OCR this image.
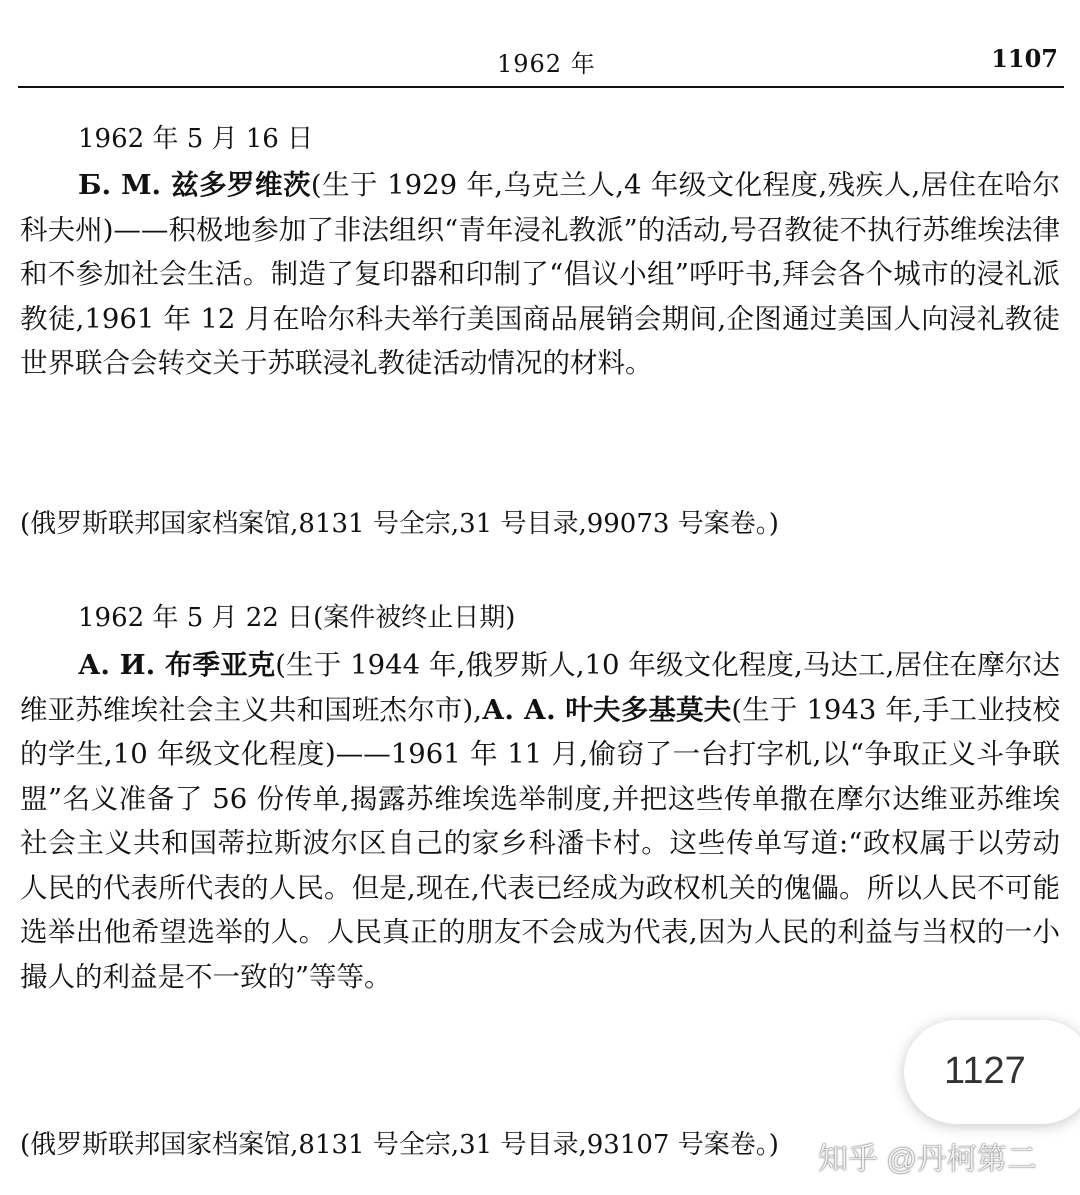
1962 年	1107
1962 年 5 月 16 日
Б. М. 兹多罗维茨(生于 1929 年,乌克兰人,4 年级文化程度,残疾人,居住在哈尔科夫州)——积极地参加了非法组织“青年浸礼教派”的活动,号召教徒不执行苏维埃法律和不参加社会生活。制造了复印器和印制了“倡议小组”呼吁书,拜会各个城市的浸礼派教徒,1961 年 12 月在哈尔科夫举行美国商品展销会期间,企图通过美国人向浸礼教徒世界联合会转交关于苏联浸礼教徒活动情况的材料。
(俄罗斯联邦国家档案馆,8131 号全宗,31 号目录,99073 号案卷。)
1962 年 5 月 22 日(案件被终止日期)
А. И. 布季亚克(生于 1944 年,俄罗斯人,10 年级文化程度,马达工,居住在摩尔达维亚苏维埃社会主义共和国班杰尔市),А. А. 叶夫多基莫夫(生于 1943 年,手工业技校的学生,10 年级文化程度)——1961 年 11 月,偷窃了一台打字机,以“争取正义斗争联盟”名义准备了 56 份传单,揭露苏维埃选举制度,并把这些传单撒在摩尔达维亚苏维埃社会主义共和国蒂拉斯波尔区自己的家乡科潘卡村。这些传单写道:“政权属于以劳动人民的代表所代表的人民。但是,现在,代表已经成为政权机关的傀儡。所以人民不可能选举出他希望选举的人。人民真正的朋友不会成为代表,因为人民的利益与当权的一小撮人的利益是不一致的”等等。
(俄罗斯联邦国家档案馆,8131 号全宗,31 号目录,93107 号案卷。)
1127
知乎 @丹柯第二
